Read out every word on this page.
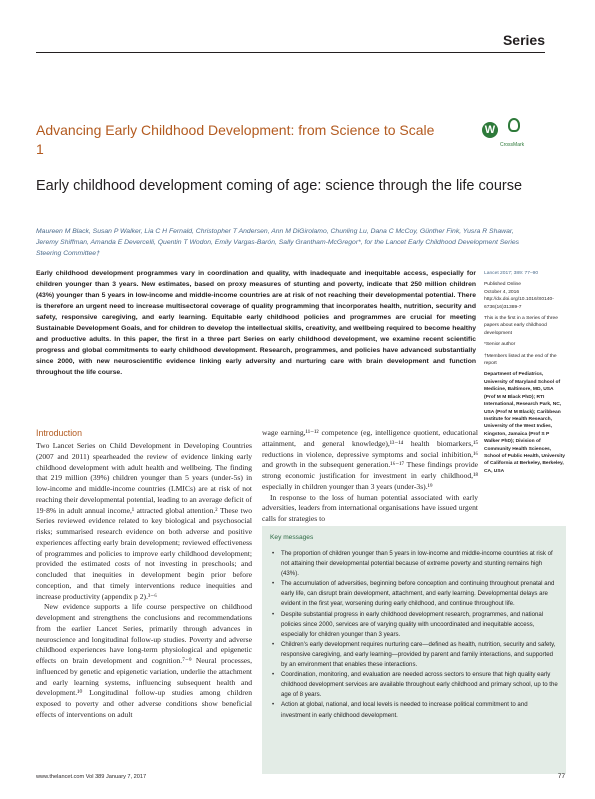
Series
Advancing Early Childhood Development: from Science to Scale 1
W
CrossMark
Early childhood development coming of age: science through the life course
Maureen M Black, Susan P Walker, Lia C H Fernald, Christopher T Andersen, Ann M DiGirolamo, Chunling Lu, Dana C McCoy, Günther Fink, Yusra R Shawar, Jeremy Shiffman, Amanda E Devercelli, Quentin T Wodon, Emily Vargas-Barón, Sally Grantham-McGregor*, for the Lancet Early Childhood Development Series Steering Committee†
Early childhood development programmes vary in coordination and quality, with inadequate and inequitable access, especially for children younger than 3 years. New estimates, based on proxy measures of stunting and poverty, indicate that 250 million children (43%) younger than 5 years in low-income and middle-income countries are at risk of not reaching their developmental potential. There is therefore an urgent need to increase multisectoral coverage of quality programming that incorporates health, nutrition, security and safety, responsive caregiving, and early learning. Equitable early childhood policies and programmes are crucial for meeting Sustainable Development Goals, and for children to develop the intellectual skills, creativity, and wellbeing required to become healthy and productive adults. In this paper, the first in a three part Series on early childhood development, we examine recent scientific progress and global commitments to early childhood development. Research, programmes, and policies have advanced substantially since 2000, with new neuroscientific evidence linking early adversity and nurturing care with brain development and function throughout the life course.
Lancet 2017; 389: 77–90
Published Online
October 4, 2016
http://dx.doi.org/10.1016/S0140-6736(16)31389-7
This is the first in a Series of three papers about early childhood development
*Senior author
†Members listed at the end of the report
Department of Pediatrics, University of Maryland School of Medicine, Baltimore, MD, USA (Prof M M Black PhD); RTI International, Research Park, NC, USA (Prof M M Black); Caribbean Institute for Health Research, University of the West Indies, Kingston, Jamaica (Prof S P Walker PhD); Division of Community Health Sciences, School of Public Health, University of California at Berkeley, Berkeley, CA, USA
Introduction

Two Lancet Series on Child Development in Developing Countries (2007 and 2011) spearheaded the review of evidence linking early childhood development with adult health and wellbeing. The finding that 219 million (39%) children younger than 5 years (under-5s) in low-income and middle-income countries (LMICs) are at risk of not reaching their developmental potential, leading to an average deficit of 19·8% in adult annual income,¹ attracted global attention.² These two Series reviewed evidence related to key biological and psychosocial risks; summarised research evidence on both adverse and positive experiences affecting early brain development; reviewed effectiveness of programmes and policies to improve early childhood development; provided the estimated costs of not investing in preschools; and concluded that inequities in development begin prior before conception, and that timely interventions reduce inequities and increase productivity (appendix p 2).³⁻⁶

New evidence supports a life course perspective on childhood development and strengthens the conclusions and recommendations from the earlier Lancet Series, primarily through advances in neuroscience and longitudinal follow-up studies. Poverty and adverse childhood experiences have long-term physiological and epigenetic effects on brain development and cognition.⁷⁻⁹ Neural processes, influenced by genetic and epigenetic variation, underlie the attachment and early learning systems, influencing subsequent health and development.¹⁰ Longitudinal follow-up studies among children exposed to poverty and other adverse conditions show beneficial effects of interventions on adult

wage earning,¹¹⁻¹² competence (eg, intelligence quotient, educational attainment, and general knowledge),¹³⁻¹⁴ health biomarkers,¹⁵ reductions in violence, depressive symptoms and social inhibition,¹⁶ and growth in the subsequent generation.¹⁶⁻¹⁷ These findings provide strong economic justification for investment in early childhood,¹⁸ especially in children younger than 3 years (under-3s).¹⁹

In response to the loss of human potential associated with early adversities, leaders from international organisations have issued urgent calls for strategies to

Key messages
• The proportion of children younger than 5 years in low-income and middle-income countries at risk of not attaining their developmental potential because of extreme poverty and stunting remains high (43%).
• The accumulation of adversities, beginning before conception and continuing throughout prenatal and early life, can disrupt brain development, attachment, and early learning. Developmental delays are evident in the first year, worsening during early childhood, and continue throughout life.
• Despite substantial progress in early childhood development research, programmes, and national policies since 2000, services are of varying quality with uncoordinated and inequitable access, especially for children younger than 3 years.
• Children's early development requires nurturing care—defined as health, nutrition, security and safety, responsive caregiving, and early learning—provided by parent and family interactions, and supported by an environment that enables these interactions.
• Coordination, monitoring, and evaluation are needed across sectors to ensure that high quality early childhood development services are available throughout early childhood and primary school, up to the age of 8 years.
• Action at global, national, and local levels is needed to increase political commitment to and investment in early childhood development.
www.thelancet.com Vol 389 January 7, 2017	77
